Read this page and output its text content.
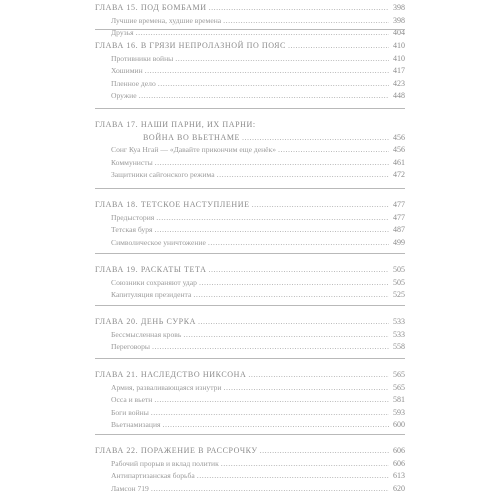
ГЛАВА 15. ПОД БОМБАМИ .....	398
Лучшие времена, худшие времена .....	398
Друзья .....	404
ГЛАВА 16. В ГРЯЗИ НЕПРОЛАЗНОЙ ПО ПОЯС .....	410
Противники войны .....	410
Хошимин .....	417
Пленное дело .....	423
Оружие .....	448
ГЛАВА 17. НАШИ ПАРНИ, ИХ ПАРНИ:
ВОЙНА ВО ВЬЕТНАМЕ .....	456
Сонг Куа Нгай — «Давайте прикончим еще денёк» .....	456
Коммунисты .....	461
Защитники сайгонского режима .....	472
ГЛАВА 18. ТЕТСКОЕ НАСТУПЛЕНИЕ .....	477
Предыстория .....	477
Тетская буря .....	487
Символическое уничтожение .....	499
ГЛАВА 19. РАСКАТЫ ТЕТА .....	505
Союзники сохраняют удар .....	505
Капитуляция президента .....	525
ГЛАВА 20. ДЕНЬ СУРКА .....	533
Бессмысленная кровь .....	533
Переговоры .....	558
ГЛАВА 21. НАСЛЕДСТВО НИКСОНА .....	565
Армия, разваливающаяся изнутри .....	565
Осса и вьетн .....	581
Боги войны .....	593
Вьетнамизация .....	600
ГЛАВА 22. ПОРАЖЕНИЕ В РАССРОЧКУ .....	606
Рабочий прорыв и вклад политик .....	606
Антипартизанская борьба .....	613
Ламсон 719 .....	620
